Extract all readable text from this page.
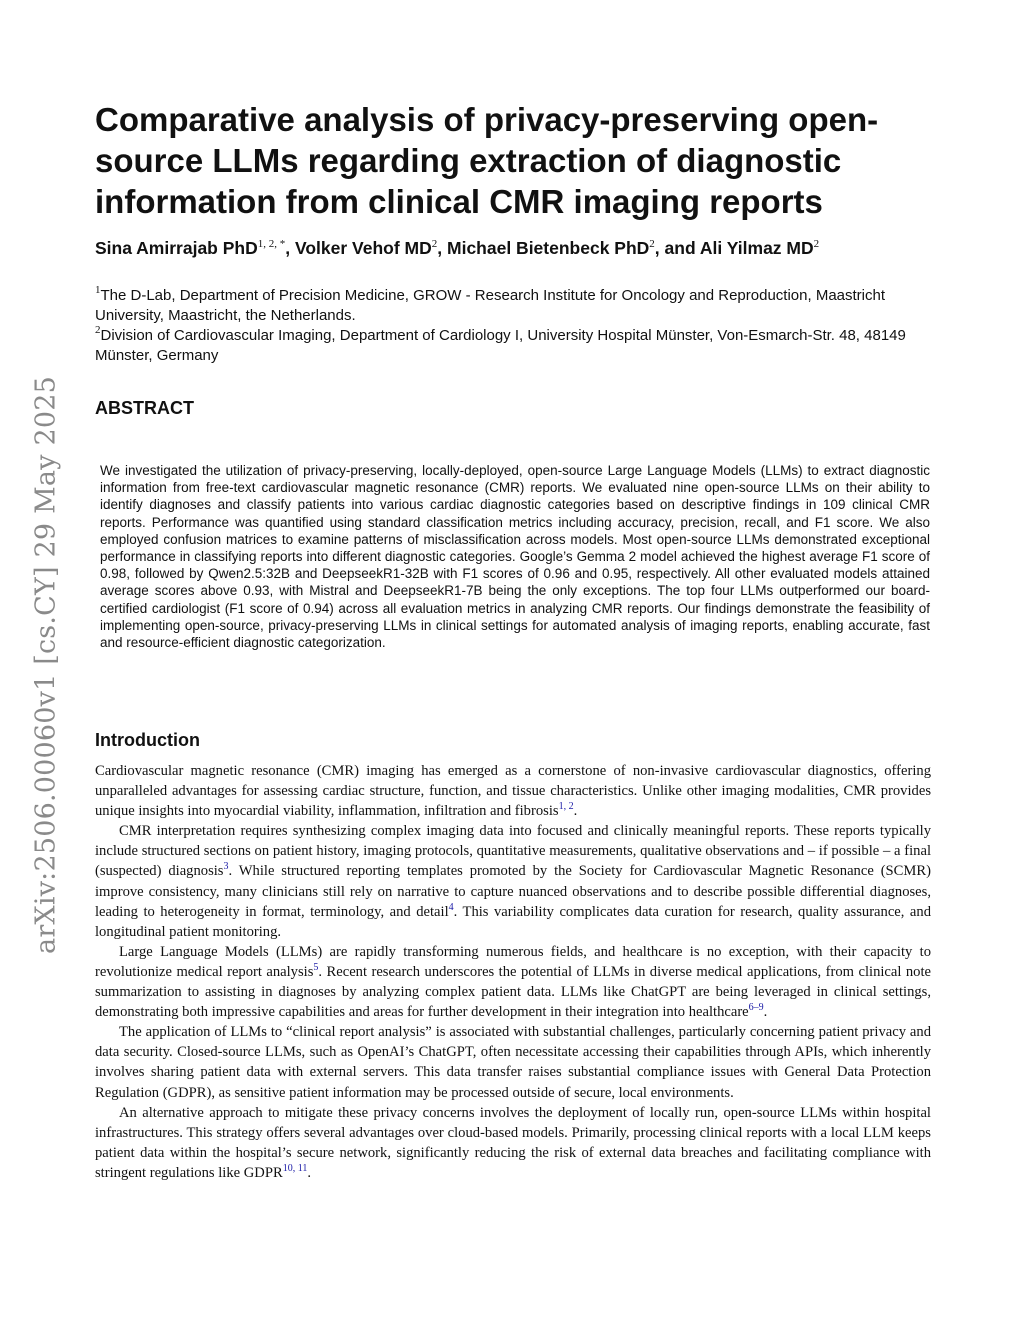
arXiv:2506.00060v1 [cs.CY] 29 May 2025
Comparative analysis of privacy-preserving open-source LLMs regarding extraction of diagnostic information from clinical CMR imaging reports

Sina Amirrajab PhD$^{1, 2, *}$, Volker Vehof $MD^2$, Michael Bietenbeck PhD$^2$, and Ali Yilmaz $MD^2$

$^1$The D-Lab, Department of Precision Medicine, GROW - Research Institute for Oncology and Reproduction, Maastricht University, Maastricht, the Netherlands.

$^2$Division of Cardiovascular Imaging, Department of Cardiology I, University Hospital Münster, Von-Esmarch-Str. 48, 48149 Münster, Germany

ABSTRACT

We investigated the utilization of privacy-preserving, locally-deployed, open-source Large Language Models (LLMs) to extract diagnostic information from free-text cardiovascular magnetic resonance (CMR) reports. We evaluated nine open-source LLMs on their ability to identify diagnoses and classify patients into various cardiac diagnostic categories based on descriptive findings in 109 clinical CMR reports. Performance was quantified using standard classification metrics including accuracy, precision, recall, and F1 score. We also employed confusion matrices to examine patterns of misclassification across models. Most open-source LLMs demonstrated exceptional performance in classifying reports into different diagnostic categories. Google’s Gemma 2 model achieved the highest average F1 score of 0.98, followed by Qwen2.5:32B and DeepseekR1-32B with F1 scores of 0.96 and 0.95, respectively. All other evaluated models attained average scores above 0.93, with Mistral and DeepseekR1-7B being the only exceptions. The top four LLMs outperformed our board-certified cardiologist (F1 score of 0.94) across all evaluation metrics in analyzing CMR reports. Our findings demonstrate the feasibility of implementing open-source, privacy-preserving LLMs in clinical settings for automated analysis of imaging reports, enabling accurate, fast and resource-efficient diagnostic categorization.

Introduction

Cardiovascular magnetic resonance (CMR) imaging has emerged as a cornerstone of non-invasive cardiovascular diagnostics, offering unparalleled advantages for assessing cardiac structure, function, and tissue characteristics. Unlike other imaging modalities, CMR provides unique insights into myocardial viability, inflammation, infiltration and fibrosis$^{1, 2}$.

CMR interpretation requires synthesizing complex imaging data into focused and clinically meaningful reports. These reports typically include structured sections on patient history, imaging protocols, quantitative measurements, qualitative observations and – if possible – a final (suspected) diagnosis$^3$. While structured reporting templates promoted by the Society for Cardiovascular Magnetic Resonance (SCMR) improve consistency, many clinicians still rely on narrative to capture nuanced observations and to describe possible differential diagnoses, leading to heterogeneity in format, terminology, and detail$^4$. This variability complicates data curation for research, quality assurance, and longitudinal patient monitoring.

Large Language Models (LLMs) are rapidly transforming numerous fields, and healthcare is no exception, with their capacity to revolutionize medical report analysis$^5$. Recent research underscores the potential of LLMs in diverse medical applications, from clinical note summarization to assisting in diagnoses by analyzing complex patient data. LLMs like ChatGPT are being leveraged in clinical settings, demonstrating both impressive capabilities and areas for further development in their integration into healthcare$^{6-9}$.

The application of LLMs to “clinical report analysis” is associated with substantial challenges, particularly concerning patient privacy and data security. Closed-source LLMs, such as OpenAI’s ChatGPT, often necessitate accessing their capabilities through APIs, which inherently involves sharing patient data with external servers. This data transfer raises substantial compliance issues with General Data Protection Regulation (GDPR), as sensitive patient information may be processed outside of secure, local environments.

An alternative approach to mitigate these privacy concerns involves the deployment of locally run, open-source LLMs within hospital infrastructures. This strategy offers several advantages over cloud-based models. Primarily, processing clinical reports with a local LLM keeps patient data within the hospital’s secure network, significantly reducing the risk of external data breaches and facilitating compliance with stringent regulations like GDPR$^{10, 11}$.
